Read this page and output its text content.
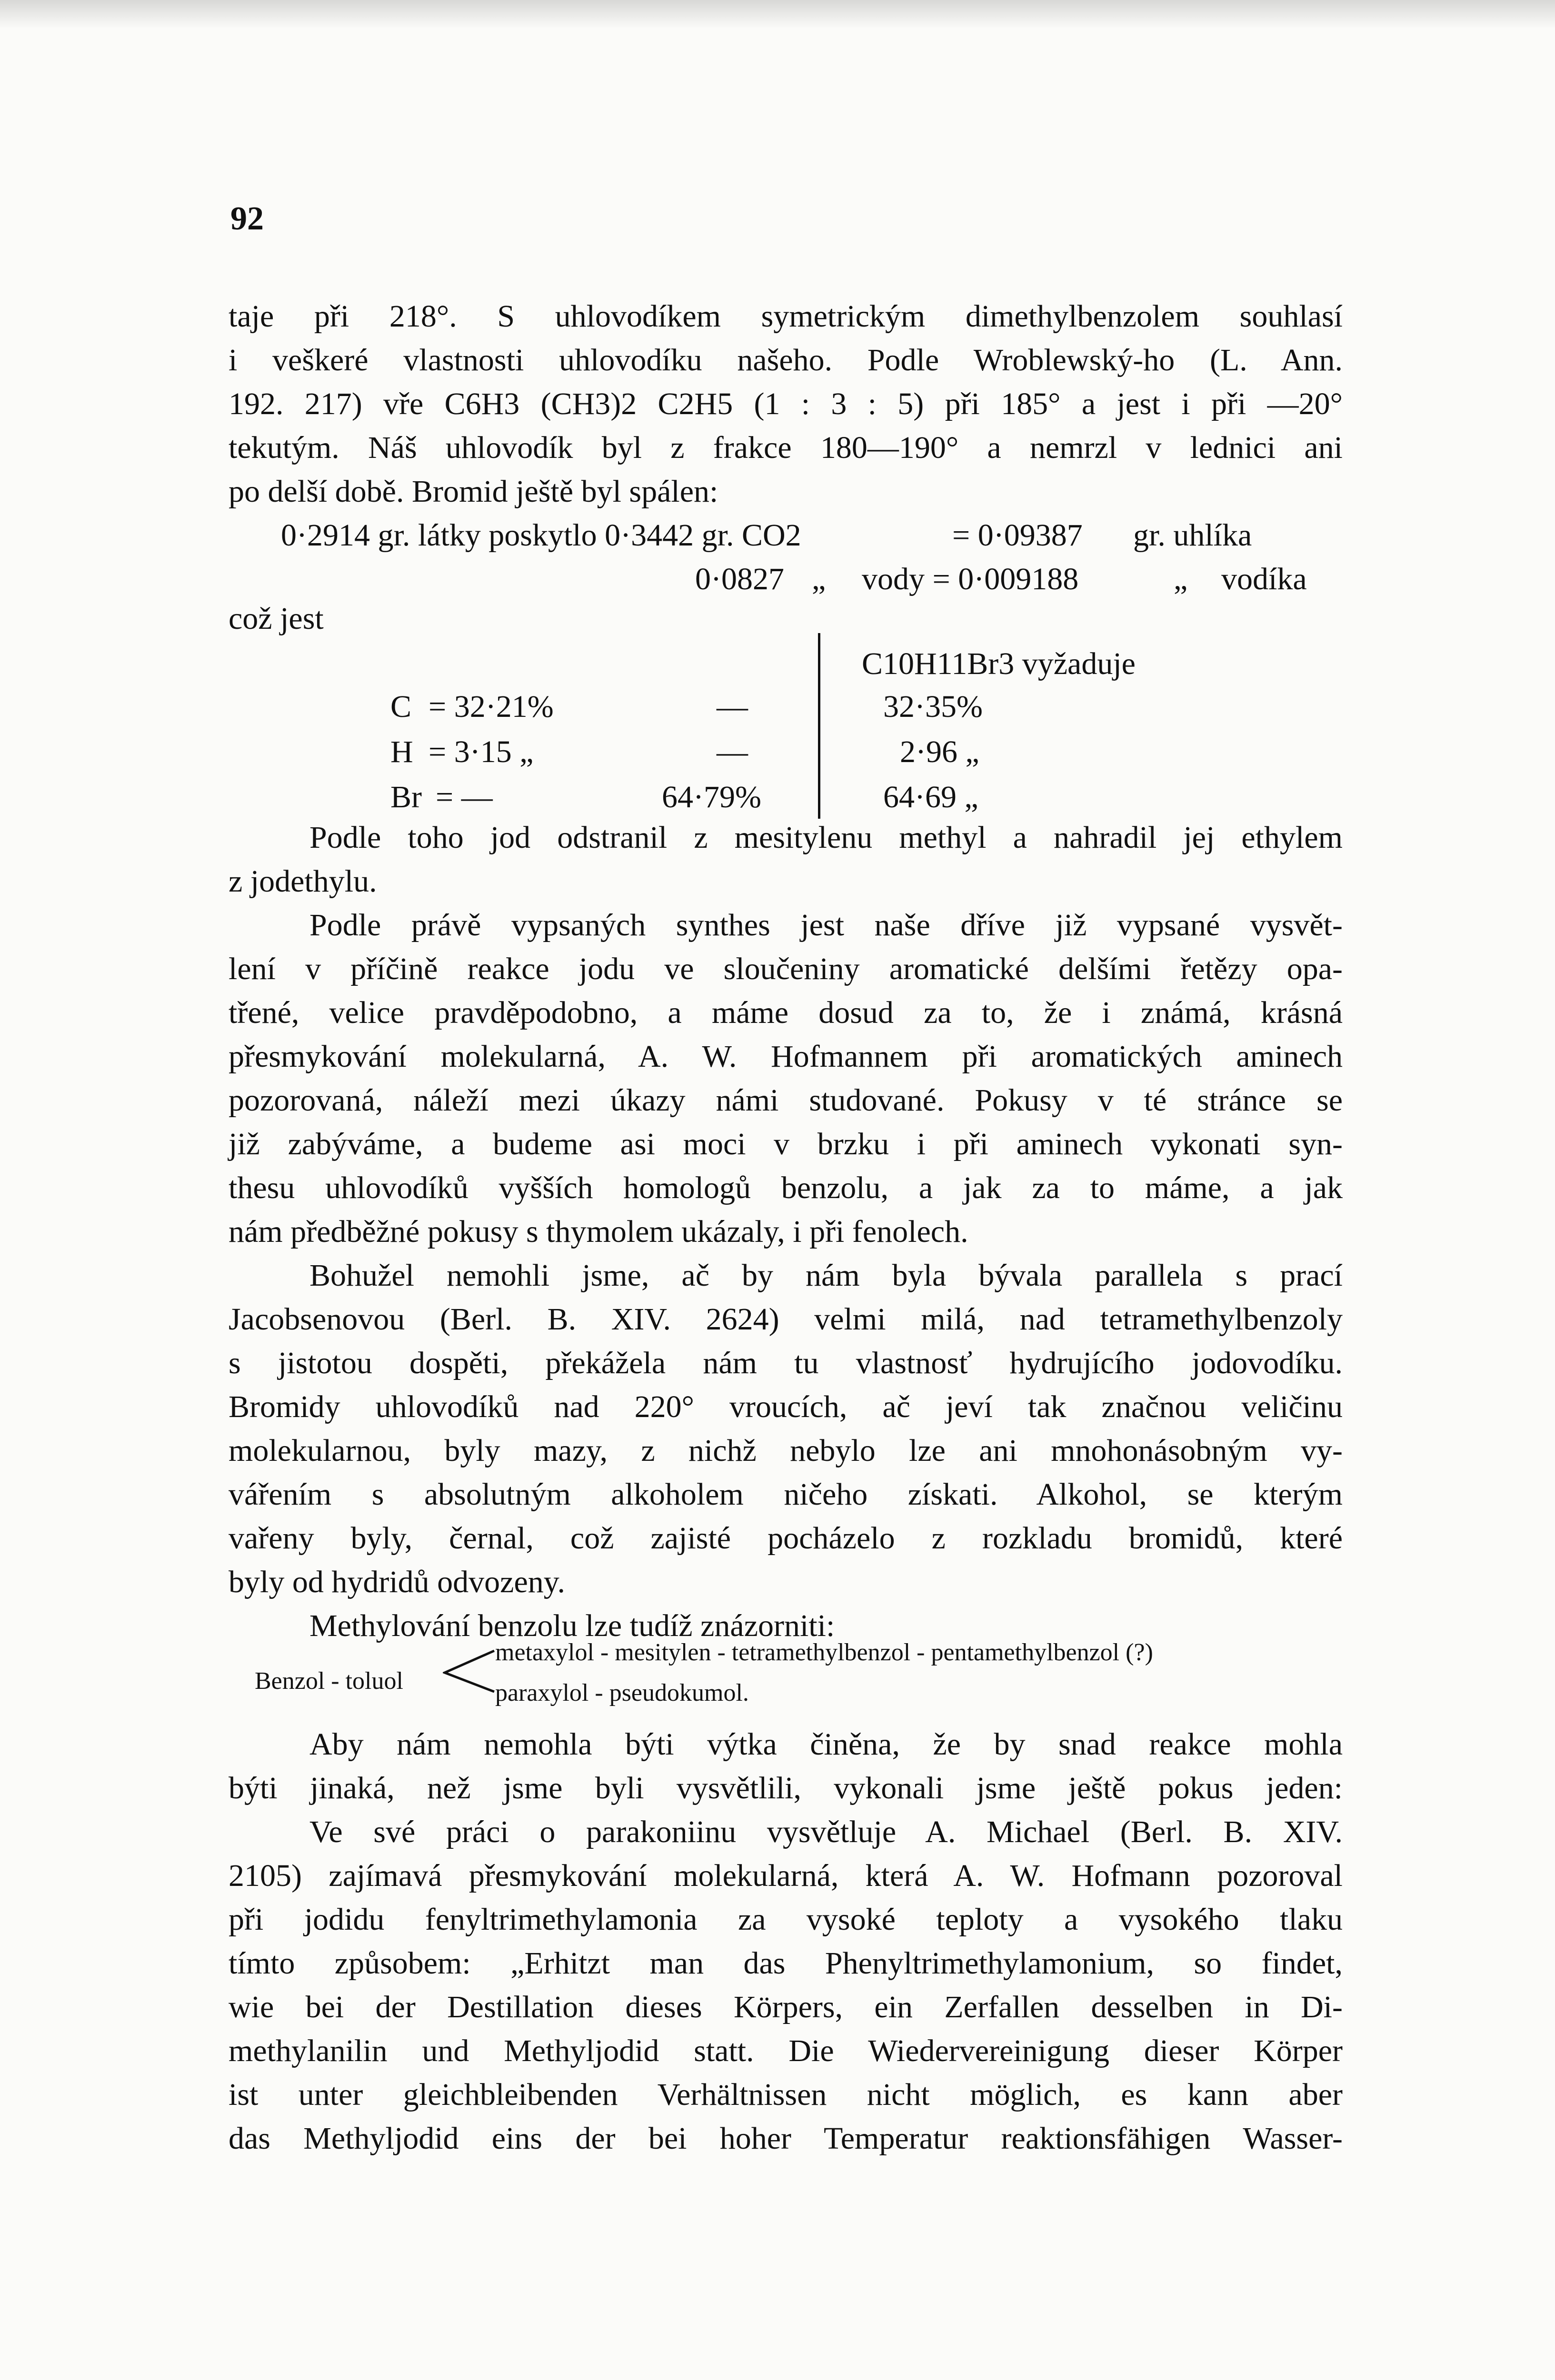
92
taje při 218°. S uhlovodíkem symetrickým dimethylbenzolem souhlasí
i veškeré vlastnosti uhlovodíku našeho. Podle Wroblewský-ho (L. Ann.
192. 217) vře C6H3 (CH3)2 C2H5 (1 : 3 : 5) při 185° a jest i při —20°
tekutým. Náš uhlovodík byl z frakce 180—190° a nemrzl v lednici ani
po delší době. Bromid ještě byl spálen:
0·2914 gr. látky poskytlo 0·3442 gr. CO2	= 0·09387 gr. uhlíka
0·0827 „ vody = 0·009188	„ vodíka
což jest
C10H11Br3 vyžaduje
C = 32·21%	—	32·35%
H = 3·15 „	—	2·96 „
Br = —	64·79%	64·69 „
Podle toho jod odstranil z mesitylenu methyl a nahradil jej ethylem
z jodethylu.
Podle právě vypsaných synthes jest naše dříve již vypsané vysvět-
lení v příčině reakce jodu ve sloučeniny aromatické delšími řetězy opa-
třené, velice pravděpodobno, a máme dosud za to, že i známá, krásná
přesmykování molekularná, A. W. Hofmannem při aromatických aminech
pozorovaná, náleží mezi úkazy námi studované. Pokusy v té stránce se
již zabýváme, a budeme asi moci v brzku i při aminech vykonati syn-
thesu uhlovodíků vyšších homologů benzolu, a jak za to máme, a jak
nám předběžné pokusy s thymolem ukázaly, i při fenolech.
Bohužel nemohli jsme, ač by nám byla bývala parallela s prací
Jacobsenovou (Berl. B. XIV. 2624) velmi milá, nad tetramethylbenzoly
s jistotou dospěti, překážela nám tu vlastnosť hydrujícího jodovodíku.
Bromidy uhlovodíků nad 220° vroucích, ač jeví tak značnou veličinu
molekularnou, byly mazy, z nichž nebylo lze ani mnohonásobným vy-
vářením s absolutným alkoholem ničeho získati. Alkohol, se kterým
vařeny byly, černal, což zajisté pocházelo z rozkladu bromidů, které
byly od hydridů odvozeny.
Methylování benzolu lze tudíž znázorniti:
Benzol - toluol
metaxylol - mesitylen - tetramethylbenzol - pentamethylbenzol (?)
paraxylol - pseudokumol.
Aby nám nemohla býti výtka činěna, že by snad reakce mohla
býti jinaká, než jsme byli vysvětlili, vykonali jsme ještě pokus jeden:
Ve své práci o parakoniinu vysvětluje A. Michael (Berl. B. XIV.
2105) zajímavá přesmykování molekularná, která A. W. Hofmann pozoroval
při jodidu fenyltrimethylamonia za vysoké teploty a vysokého tlaku
tímto způsobem: „Erhitzt man das Phenyltrimethylamonium, so findet,
wie bei der Destillation dieses Körpers, ein Zerfallen desselben in Di-
methylanilin und Methyljodid statt. Die Wiedervereinigung dieser Körper
ist unter gleichbleibenden Verhältnissen nicht möglich, es kann aber
das Methyljodid eins der bei hoher Temperatur reaktionsfähigen Wasser-
